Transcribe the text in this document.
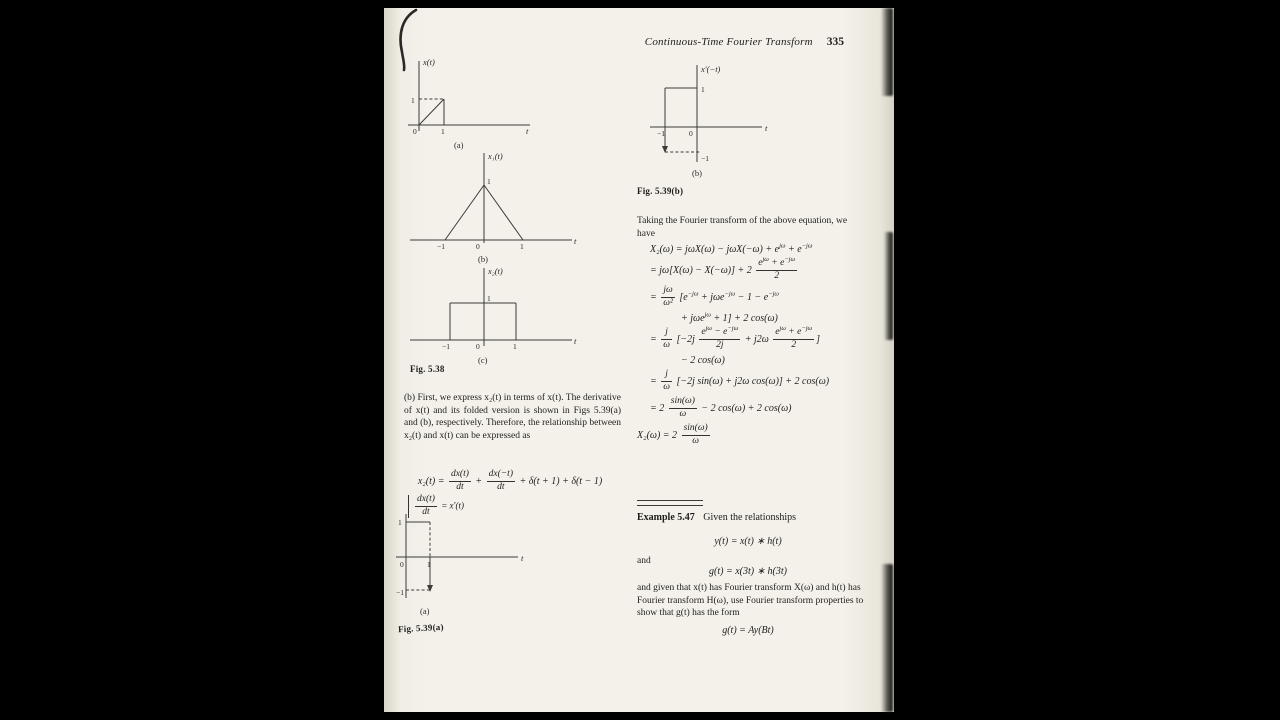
Continuous-Time Fourier Transform 335
x(t)
1
0	1	t
(a)
x₁(t)
1
−1	0	1
t
(b)
x₂(t)
1
−1	0	1
t
(c)
Fig. 5.38
(b) First, we express x₂(t) in terms of x(t). The derivative of x(t) and its folded version is shown in Figs 5.39(a) and (b), respectively. Therefore, the relationship between x₂(t) and x(t) can be expressed as
$x_2(t) = \frac{dx(t)}{dt} + \frac{dx(-t)}{dt} + \delta(t + 1) + \delta(t - 1)$
$\frac{dx(t)}{dt} = x'(t)$
1
0	1
−1
t
(a)
Fig. 5.39(a)
x′(−t)
1
−1	0
−1
t
(b)
Fig. 5.39(b)
Taking the Fourier transform of the above equation, we have
$X_2(\omega) = j\omega X(\omega) - j\omega X(-\omega) + e^{j\omega} + e^{-j\omega}$
= $j\omega[X(\omega) - X(-\omega)] + 2 \frac{e^{j\omega} + e^{-j\omega}}{2}$
= $\frac{j\omega}{\text{ω²}} [e^{-j\omega} + j\omega e^{-j\omega} - 1 - e^{-j\omega}$
+ jωe$^{j\omega}$ + 1] + 2 cos(ω)
= $\frac{j}{\omega} [-2j \frac{e^{j\omega} - e^{-j\omega}}{2j} + j2\omega \frac{e^{j\omega} + e^{-j\omega}}{2}$ ]
− 2 cos(ω)
= $\frac{j}{\omega} [-2j$ sin(ω) + j2ω cos(ω)] + 2 cos(ω)
= $2 \frac{\sin(\omega)}{\omega} - 2$ cos(ω) + 2 cos(ω)
$X_2(\omega) = 2 \frac{\sin(\omega)}{\omega}$
Example 5.47 Given the relationships
y(t) = x(t) ∗ h(t)
and
g(t) = x(3t) ∗ h(3t)
and given that x(t) has Fourier transform X(ω) and h(t) has Fourier transform H(ω), use Fourier transform properties to show that g(t) has the form
g(t) = Ay(Bt)
